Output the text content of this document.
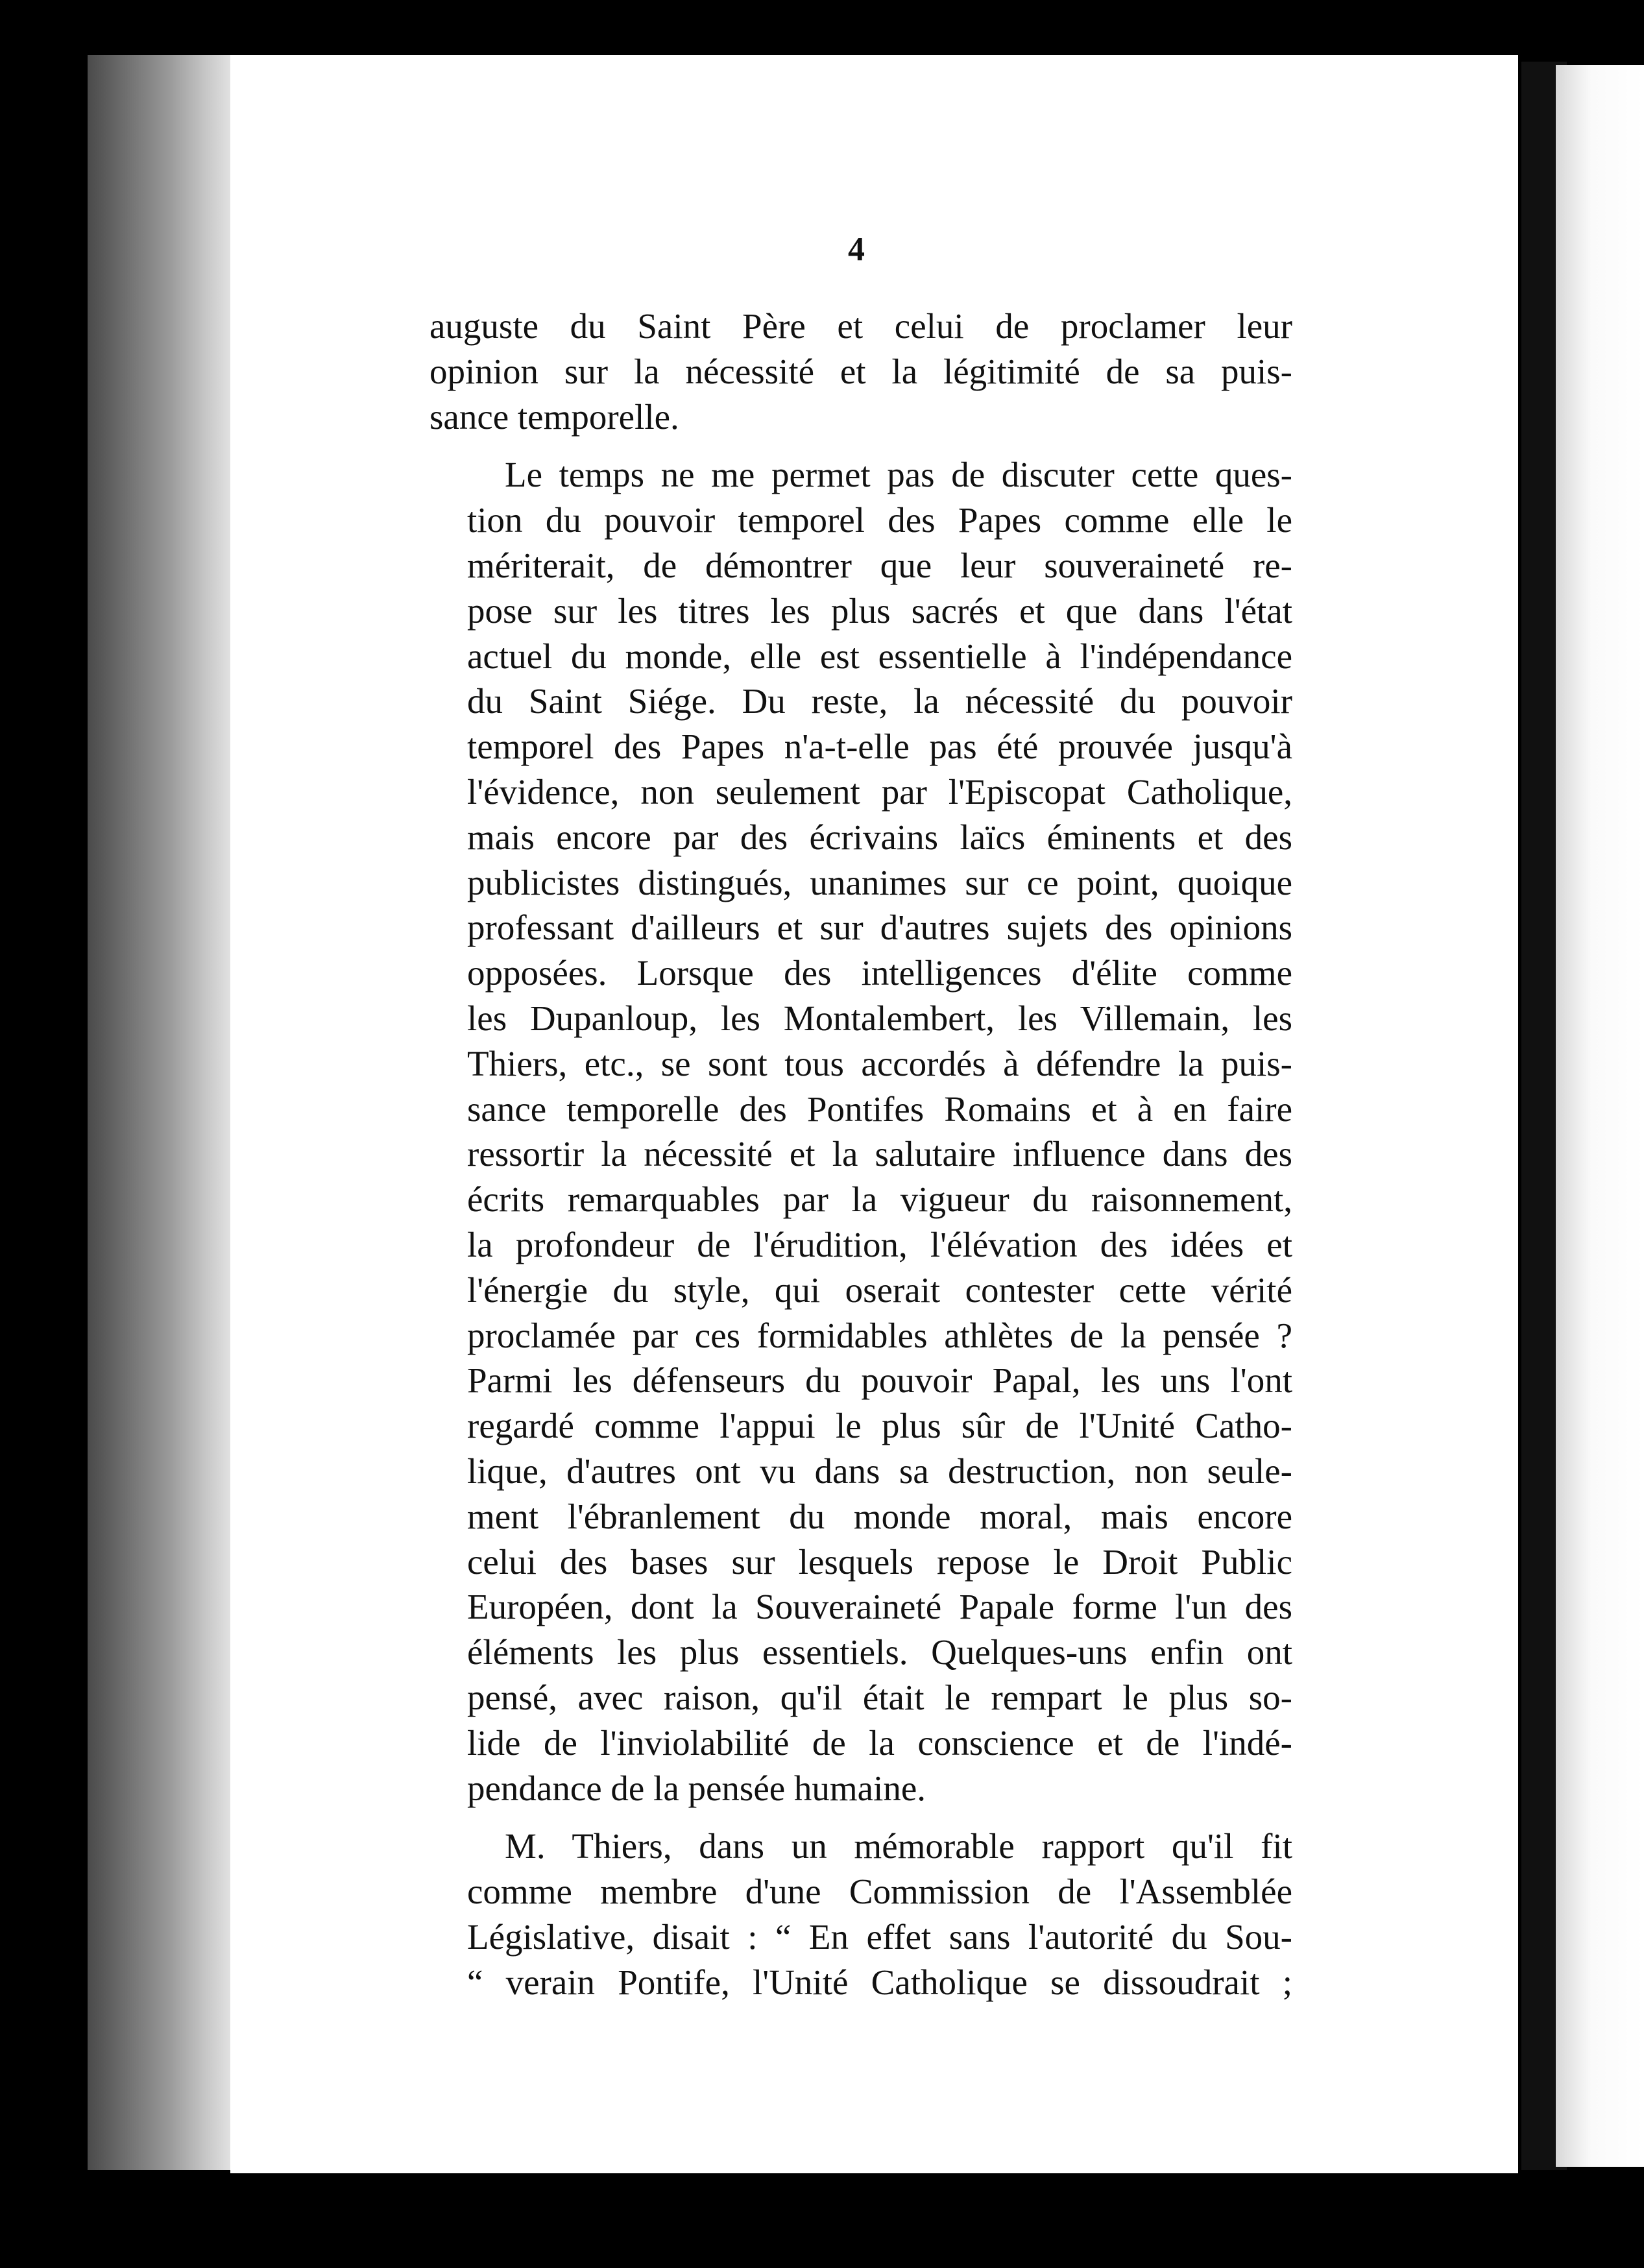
4

auguste du Saint Père et celui de proclamer leur
opinion sur la nécessité et la légitimité de sa puis-
sance temporelle.

Le temps ne me permet pas de discuter cette ques-
tion du pouvoir temporel des Papes comme elle le
mériterait, de démontrer que leur souveraineté re-
pose sur les titres les plus sacrés et que dans l'état
actuel du monde, elle est essentielle à l'indépendance
du Saint Siége. Du reste, la nécessité du pouvoir
temporel des Papes n'a-t-elle pas été prouvée jusqu'à
l'évidence, non seulement par l'Episcopat Catholique,
mais encore par des écrivains laïcs éminents et des
publicistes distingués, unanimes sur ce point, quoique
professant d'ailleurs et sur d'autres sujets des opinions
opposées. Lorsque des intelligences d'élite comme
les Dupanloup, les Montalembert, les Villemain, les
Thiers, etc., se sont tous accordés à défendre la puis-
sance temporelle des Pontifes Romains et à en faire
ressortir la nécessité et la salutaire influence dans des
écrits remarquables par la vigueur du raisonnement,
la profondeur de l'érudition, l'élévation des idées et
l'énergie du style, qui oserait contester cette vérité
proclamée par ces formidables athlètes de la pensée ?
Parmi les défenseurs du pouvoir Papal, les uns l'ont
regardé comme l'appui le plus sûr de l'Unité Catho-
lique, d'autres ont vu dans sa destruction, non seule-
ment l'ébranlement du monde moral, mais encore
celui des bases sur lesquels repose le Droit Public
Européen, dont la Souveraineté Papale forme l'un des
éléments les plus essentiels. Quelques-uns enfin ont
pensé, avec raison, qu'il était le rempart le plus so-
lide de l'inviolabilité de la conscience et de l'indé-
pendance de la pensée humaine.

M. Thiers, dans un mémorable rapport qu'il fit
comme membre d'une Commission de l'Assemblée
Législative, disait : “ En effet sans l'autorité du Sou-
“ verain Pontife, l'Unité Catholique se dissoudrait ;
